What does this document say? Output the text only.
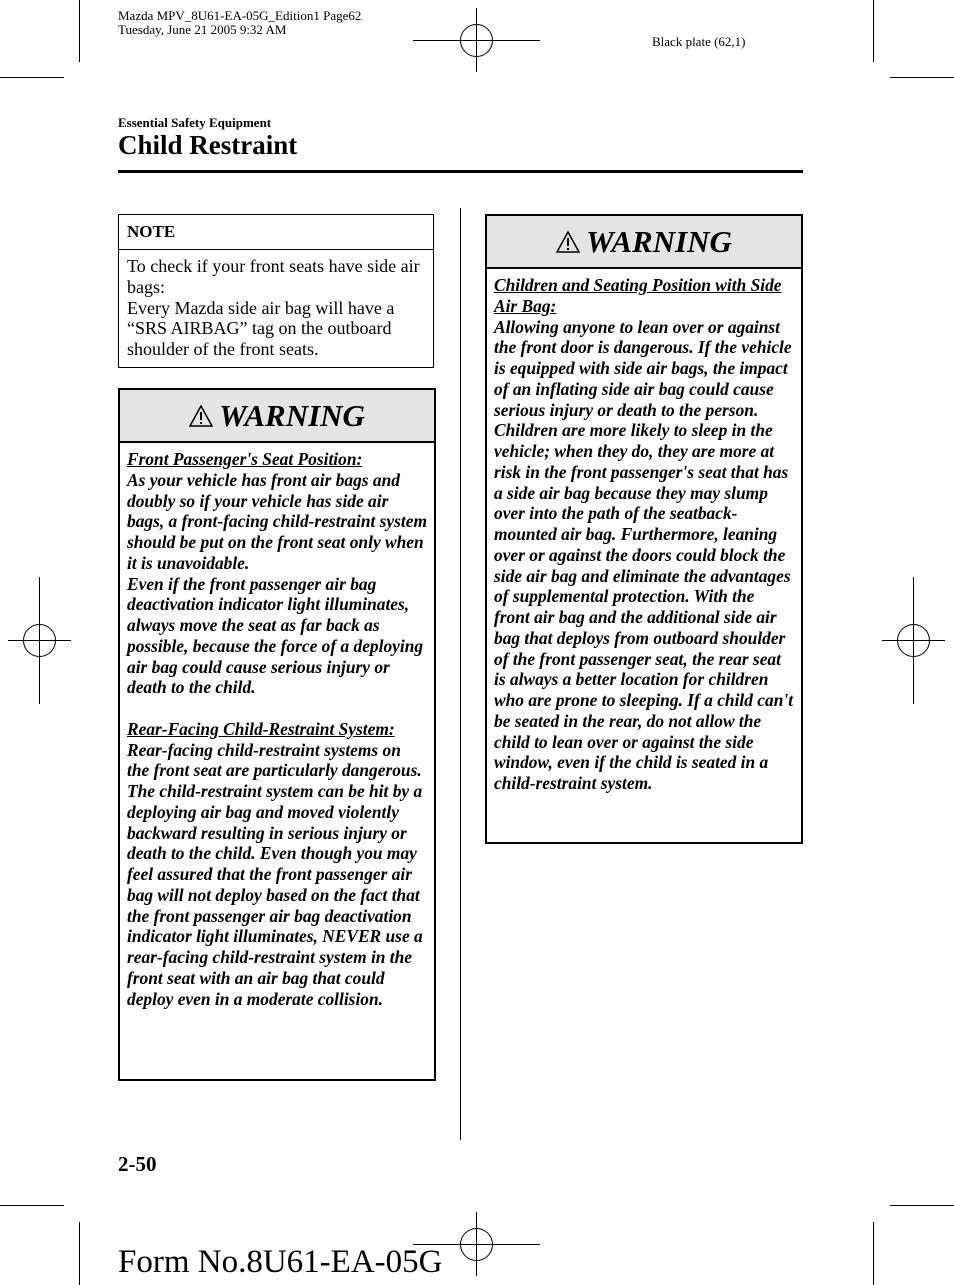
Mazda MPV_8U61-EA-05G_Edition1 Page62
Tuesday, June 21 2005 9:32 AM
Black plate (62,1)
Essential Safety Equipment
Child Restraint
NOTE

To check if your front seats have side air bags:

Every Mazda side air bag will have a “SRS AIRBAG” tag on the outboard shoulder of the front seats.

WARNING

Front Passenger's Seat Position:

As your vehicle has front air bags and doubly so if your vehicle has side air bags, a front-facing child-restraint system should be put on the front seat only when it is unavoidable.

Even if the front passenger air bag deactivation indicator light illuminates, always move the seat as far back as possible, because the force of a deploying air bag could cause serious injury or death to the child.

Rear-Facing Child-Restraint System:

Rear-facing child-restraint systems on the front seat are particularly dangerous.

The child-restraint system can be hit by a deploying air bag and moved violently backward resulting in serious injury or death to the child. Even though you may feel assured that the front passenger air bag will not deploy based on the fact that the front passenger air bag deactivation indicator light illuminates, NEVER use a rear-facing child-restraint system in the front seat with an air bag that could deploy even in a moderate collision.

WARNING

Children and Seating Position with Side Air Bag:

Allowing anyone to lean over or against the front door is dangerous. If the vehicle is equipped with side air bags, the impact of an inflating side air bag could cause serious injury or death to the person. Children are more likely to sleep in the vehicle; when they do, they are more at risk in the front passenger's seat that has a side air bag because they may slump over into the path of the seatback-mounted air bag. Furthermore, leaning over or against the doors could block the side air bag and eliminate the advantages of supplemental protection. With the front air bag and the additional side air bag that deploys from outboard shoulder of the front passenger seat, the rear seat is always a better location for children who are prone to sleeping. If a child can't be seated in the rear, do not allow the child to lean over or against the side window, even if the child is seated in a child-restraint system.

2-50
Form No.8U61-EA-05G
